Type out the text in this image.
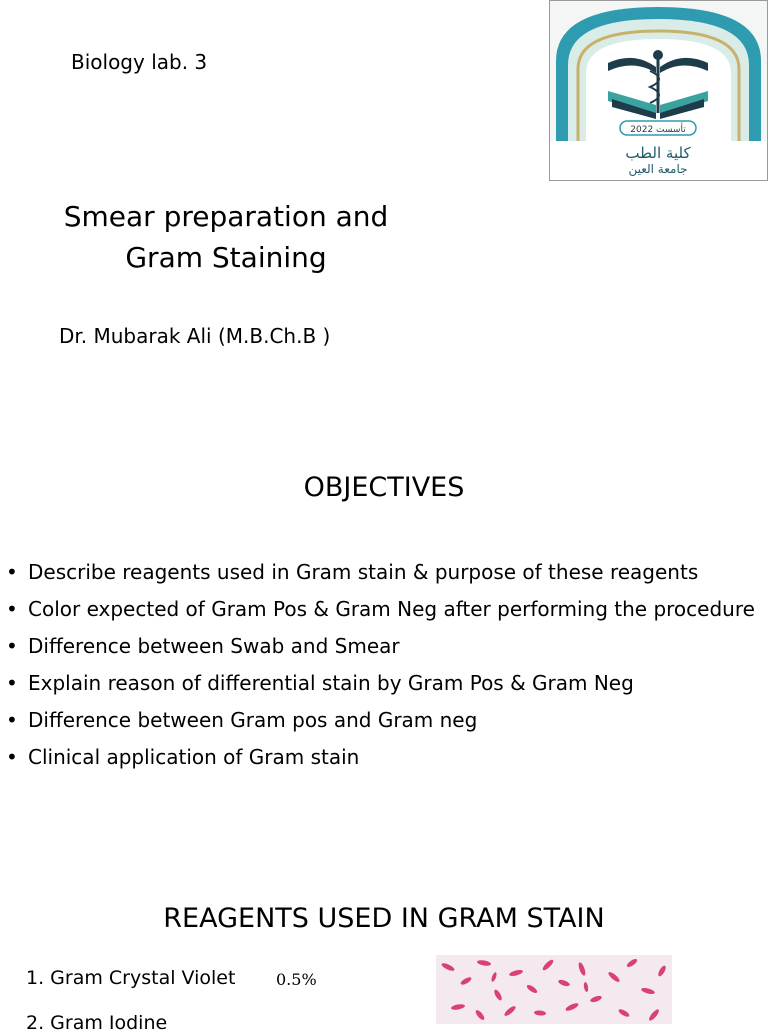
Biology lab. 3
Smear preparation and
Gram Staining
Dr. Mubarak Ali (M.B.Ch.B )
2022 تأسست
كلية الطب
جامعة العين
OBJECTIVES
• Describe reagents used in Gram stain & purpose of these reagents
• Color expected of Gram Pos & Gram Neg after performing the procedure
• Difference between Swab and Smear
• Explain reason of differential stain by Gram Pos & Gram Neg
• Difference between Gram pos and Gram neg
• Clinical application of Gram stain
REAGENTS USED IN GRAM STAIN
1. Gram Crystal Violet	0.5%
2. Gram Iodine
